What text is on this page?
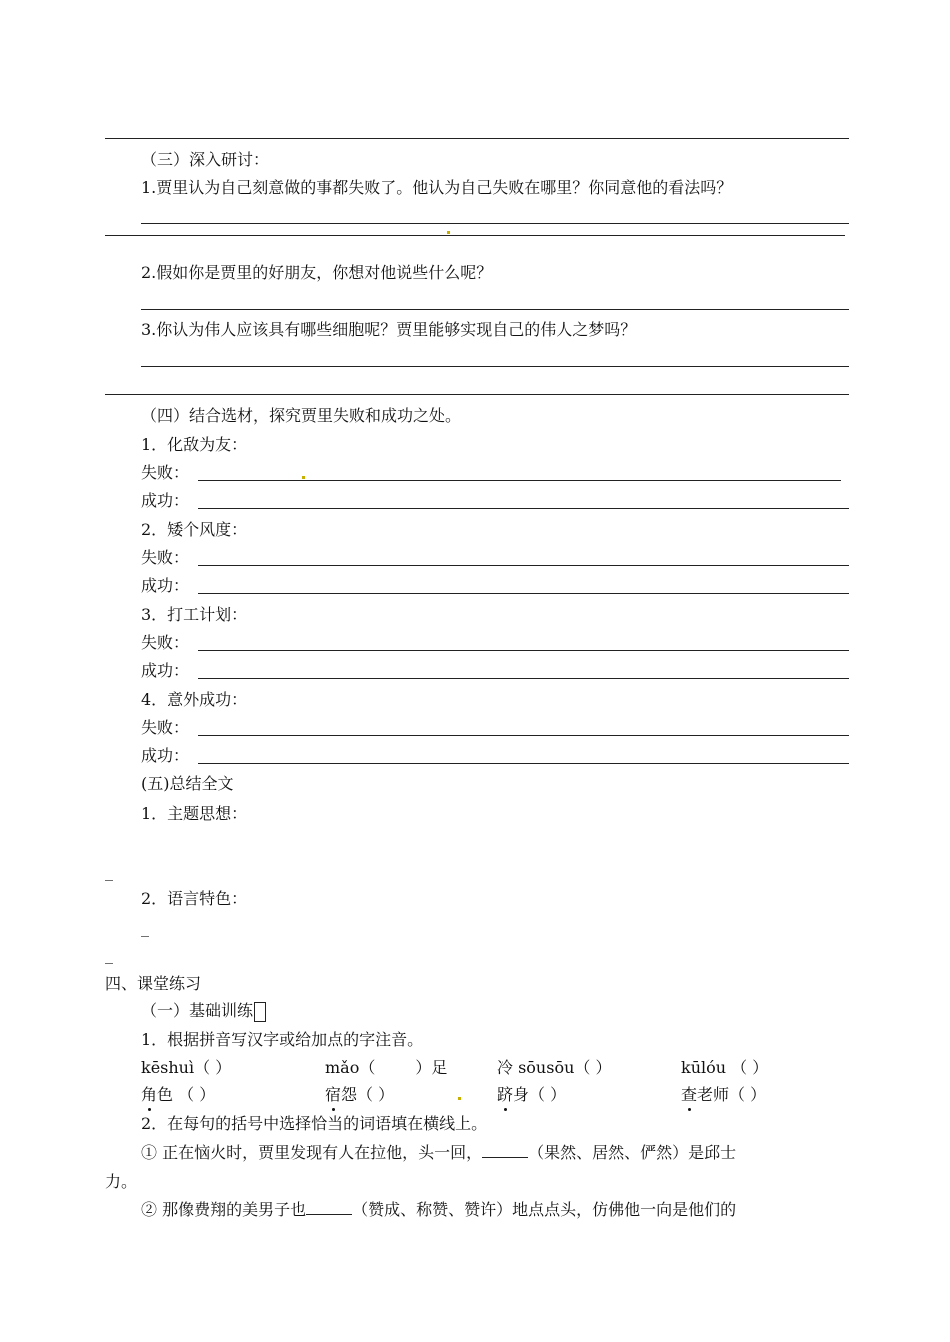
（三）深入研讨：
1.贾里认为自己刻意做的事都失败了。他认为自己失败在哪里？你同意他的看法吗？
2.假如你是贾里的好朋友，你想对他说些什么呢？
3.你认为伟人应该具有哪些细胞呢？贾里能够实现自己的伟人之梦吗？
（四）结合选材，探究贾里失败和成功之处。
1．化敌为友：
失败：
成功：
2．矮个风度：
失败：
成功：
3．打工计划：
失败：
成功：
4．意外成功：
失败：
成功：
(五)总结全文
1．主题思想：
_
2．语言特色：
_
_
四、课堂练习
（一）基础训练
1．根据拼音写汉字或给加点的字注音。
kēshuì（ ）	mǎo（	）足	冷 sōusōu（ ）	kūlóu （ ）
角色 （ ）	宿怨（ ）	跻身（ ）	查老师（ ）
2．在每句的括号中选择恰当的词语填在横线上。
① 正在恼火时，贾里发现有人在拉他，头一回，	（果然、居然、俨然）是邱士
力。
② 那像费翔的美男子也	（赞成、称赞、赞许）地点点头，仿佛他一向是他们的
